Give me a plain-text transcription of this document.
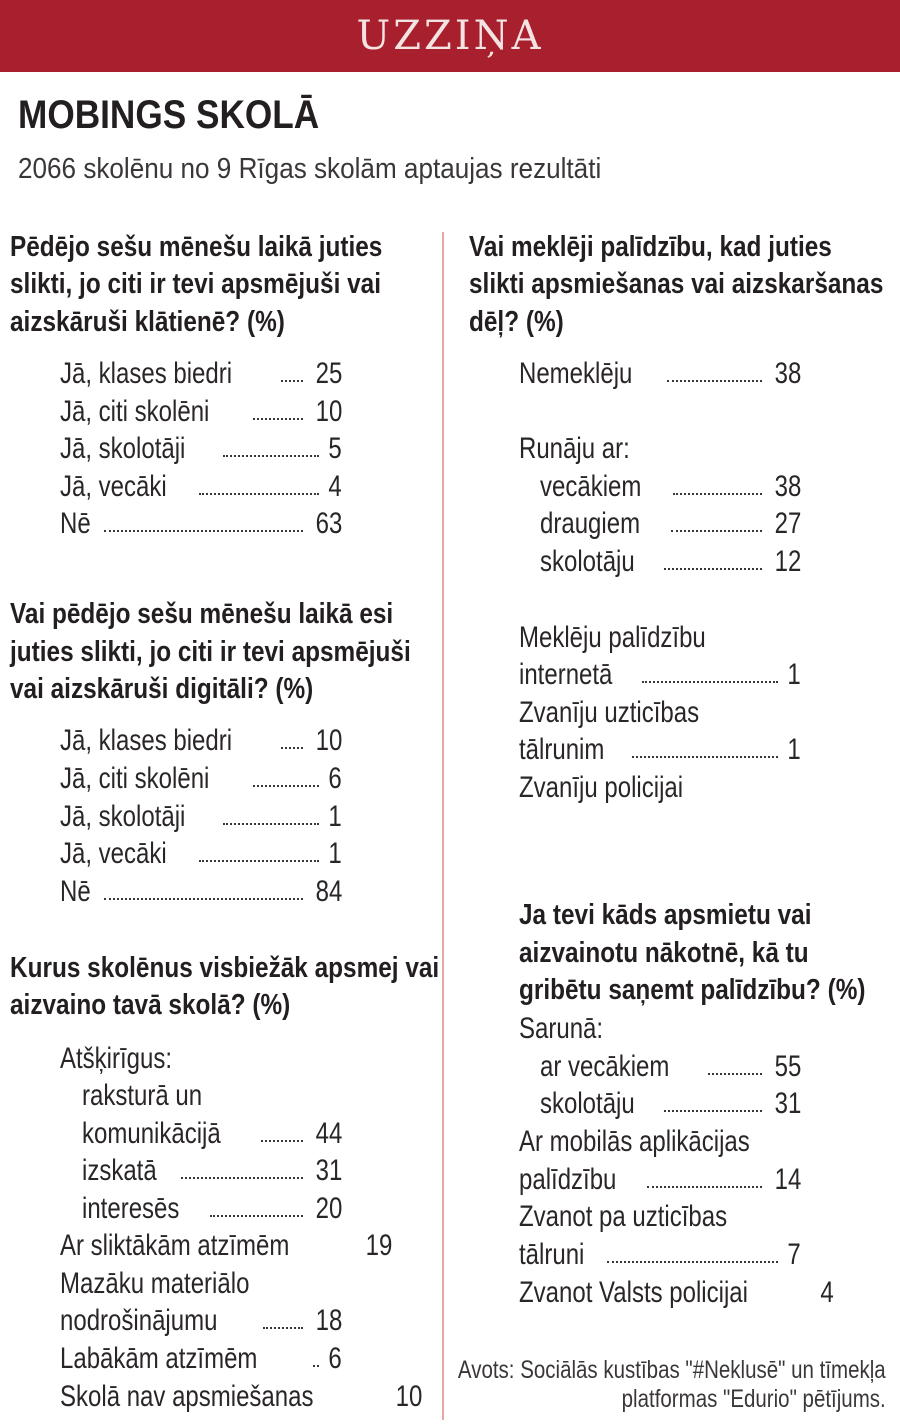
UZZIŅA
MOBINGS SKOLĀ
2066 skolēnu no 9 Rīgas skolām aptaujas rezultāti
Pēdējo sešu mēnešu laikā juties
slikti, jo citi ir tevi apsmējuši vai
aizskāruši klātienē? (%)
Jā, klases biedri	25
Jā, citi skolēni	10
Jā, skolotāji	5
Jā, vecāki	4
Nē	63
Vai pēdējo sešu mēnešu laikā esi
juties slikti, jo citi ir tevi apsmējuši
vai aizskāruši digitāli? (%)
Jā, klases biedri	10
Jā, citi skolēni	6
Jā, skolotāji	1
Jā, vecāki	1
Nē	84
Kurus skolēnus visbiežāk apsmej vai
aizvaino tavā skolā? (%)
Atšķirīgus:
raksturā un
komunikācijā	44
izskatā	31
interesēs	20
Ar sliktākām atzīmēm	19
Mazāku materiālo
nodrošinājumu	18
Labākām atzīmēm 6
Skolā nav apsmiešanas	10
Vai meklēji palīdzību, kad juties
slikti apsmiešanas vai aizskaršanas
dēļ? (%)
Nemeklēju	38
Runāju ar:
vecākiem	38
draugiem	27
skolotāju	12
Meklēju palīdzību
internetā	1
Zvanīju uzticības
tālrunim	1
Zvanīju policijai
Ja tevi kāds apsmietu vai
aizvainotu nākotnē, kā tu
gribētu saņemt palīdzību? (%)
Sarunā:
ar vecākiem	55
skolotāju	31
Ar mobilās aplikācijas
palīdzību	14
Zvanot pa uzticības
tālruni	7
Zvanot Valsts policijai 4
Avots: Sociālās kustības "#Neklusē" un tīmekļa
platformas "Edurio" pētījums.
